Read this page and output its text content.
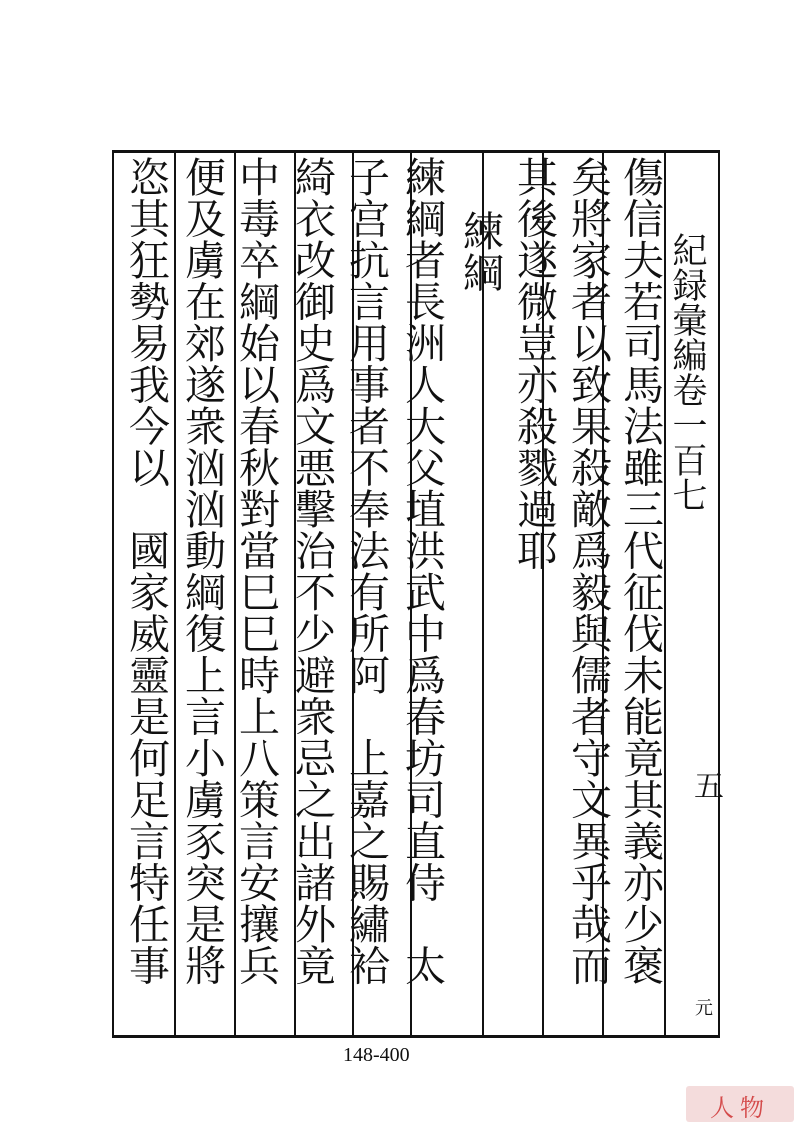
紀録彙編卷一百七
五
元
傷信夫若司馬法雖三代征伐未能竟其義亦少褒
矣將家者以致果殺敵爲毅與儒者守文異乎哉而
其後遂微豈亦殺戮過耶
練綱
練綱者長洲人大父埴洪武中爲春坊司直侍　太
子宫抗言用事者不奉法有所阿　上嘉之賜繡袷
綺衣改御史爲文悪擊治不少避衆忌之出諸外竟
中毒卒綱始以春秋對當巳巳時上八策言安攘兵
便及虜在郊遂衆汹汹動綱復上言小虜豕突是將
恣其狂勢易我今以　國家威靈是何足言特任事
148-400
人物
